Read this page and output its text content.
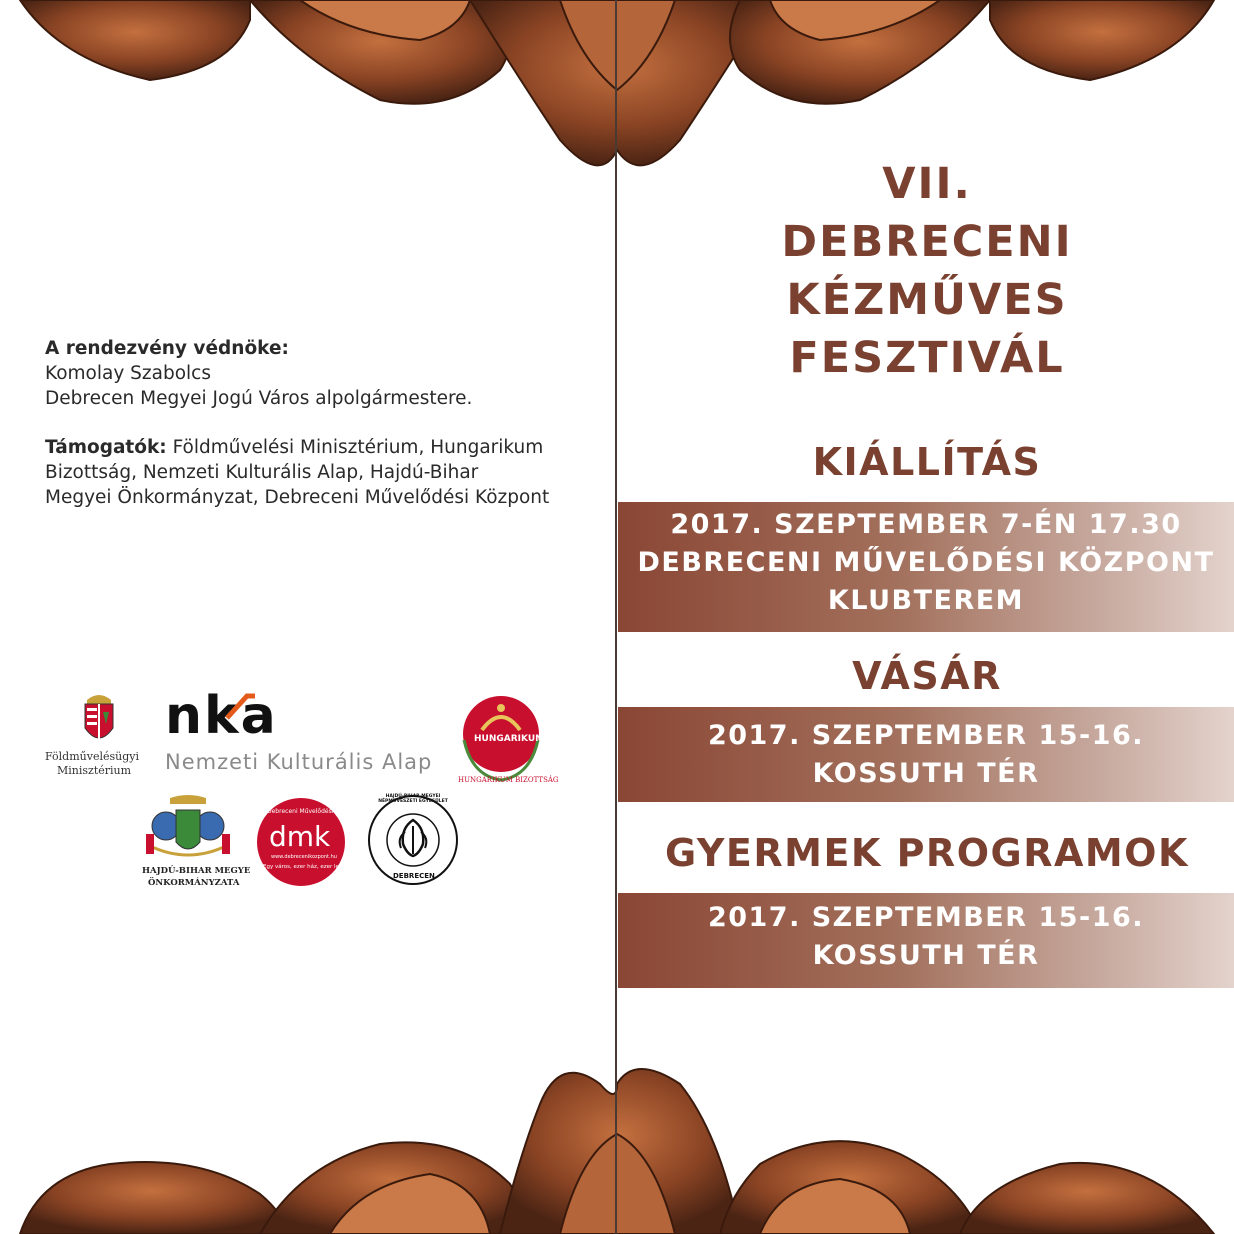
A rendezvény védnöke:
Komolay Szabolcs
Debrecen Megyei Jogú Város alpolgármestere.
Támogatók: Földművelési Minisztérium, Hungarikum
Bizottság, Nemzeti Kulturális Alap, Hajdú-Bihar
Megyei Önkormányzat, Debreceni Művelődési Központ
Földművelésügyi
Minisztérium
nka
Nemzeti Kulturális Alap
HUNGARIKUM
HUNGARIKUM BIZOTTSÁG
HAJDÚ-BIHAR MEGYE
ÖNKORMÁNYZATA
Debreceni Művelődési Központ
dmk
www.debrecenikozpont.hu
Egy város, ezer ház, ezer lehetőség
HAJDÚ-BIHAR MEGYEI NÉPMŰVÉSZETI EGYESÜLET
DEBRECEN
VII.
DEBRECENI
KÉZMŰVES
FESZTIVÁL
KIÁLLÍTÁS
2017. SZEPTEMBER 7-ÉN 17.30
DEBRECENI MŰVELŐDÉSI KÖZPONT
KLUBTEREM
VÁSÁR
2017. SZEPTEMBER 15-16.
KOSSUTH TÉR
GYERMEK PROGRAMOK
2017. SZEPTEMBER 15-16.
KOSSUTH TÉR
